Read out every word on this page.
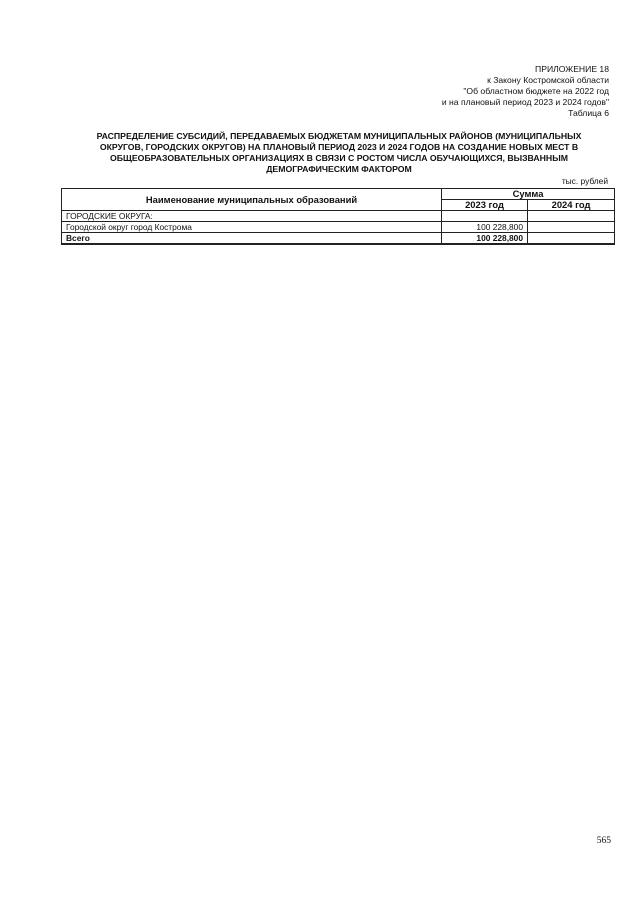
ПРИЛОЖЕНИЕ 18
к Закону Костромской области
"Об областном бюджете на 2022 год
и на плановый период 2023 и 2024 годов"
Таблица 6
РАСПРЕДЕЛЕНИЕ СУБСИДИЙ, ПЕРЕДАВАЕМЫХ БЮДЖЕТАМ МУНИЦИПАЛЬНЫХ РАЙОНОВ (МУНИЦИПАЛЬНЫХ
ОКРУГОВ, ГОРОДСКИХ ОКРУГОВ) НА ПЛАНОВЫЙ ПЕРИОД 2023 И 2024 ГОДОВ НА СОЗДАНИЕ НОВЫХ МЕСТ В
ОБЩЕОБРАЗОВАТЕЛЬНЫХ ОРГАНИЗАЦИЯХ В СВЯЗИ С РОСТОМ ЧИСЛА ОБУЧАЮЩИХСЯ, ВЫЗВАННЫМ
ДЕМОГРАФИЧЕСКИМ ФАКТОРОМ
тыс. рублей
Наименование муниципальных образований	Сумма	
	2023 год	2024 год
ГОРОДСКИЕ ОКРУГА:		
Городской округ город Кострома	100 228,800	
Всего	100 228,800	
565
